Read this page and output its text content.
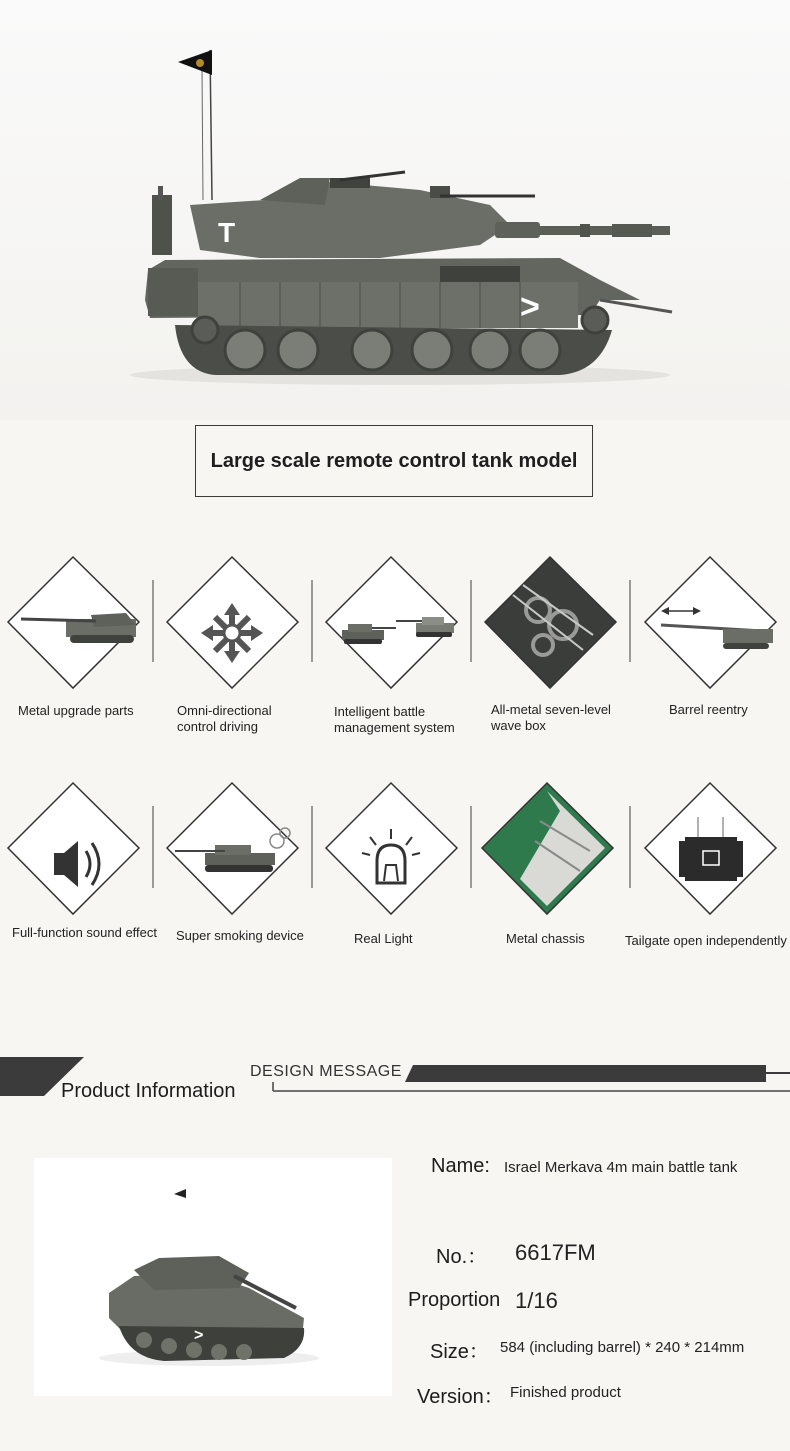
T
>
Large scale remote control tank model
Metal upgrade parts	Omni-directional control driving
Intelligent battle management system
All-metal seven-level wave box
Barrel reentry
Full-function sound effect	Super smoking device	Real Light	Metal chassis	Tailgate open independently
DESIGN MESSAGE
Product Information
>
Name: Israel Merkava 4m main battle tank
No.： 6617FM
Proportion 1/16
Size： 584 (including barrel) * 240 * 214mm
Version： Finished product
